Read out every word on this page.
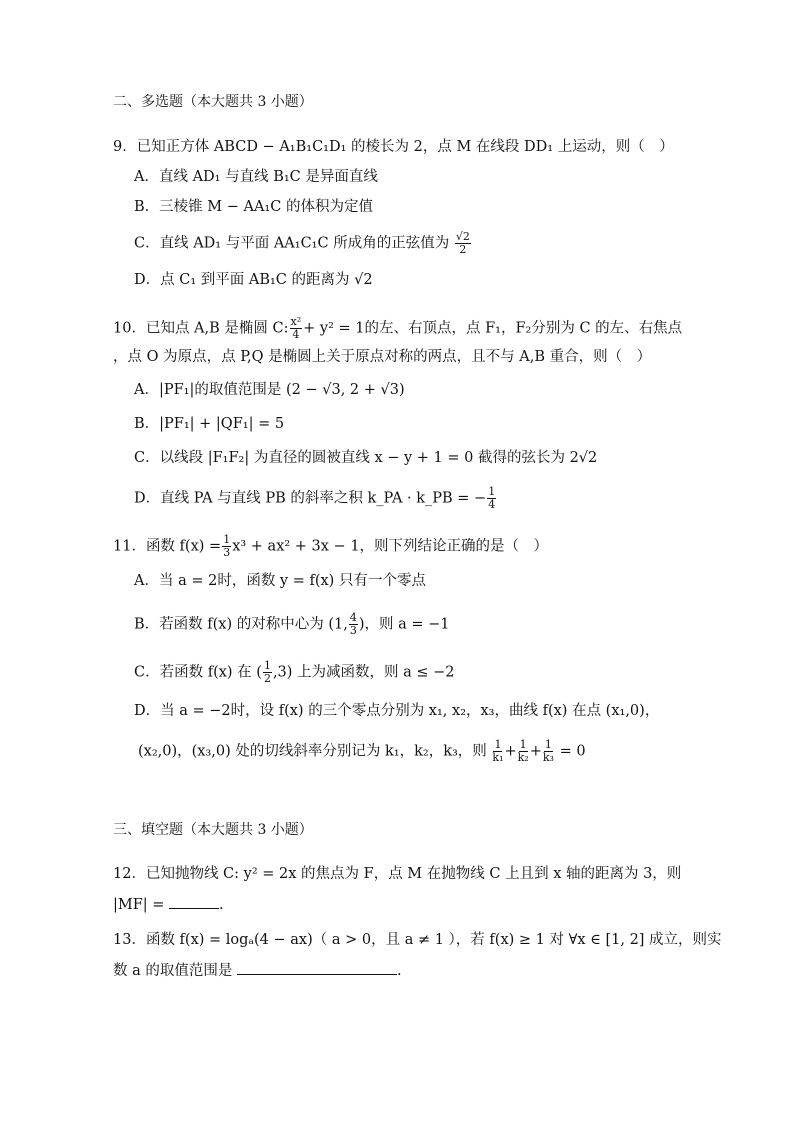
二、多选题（本大题共 3 小题）
9．已知正方体 ABCD − A₁B₁C₁D₁ 的棱长为 2，点 M 在线段 DD₁ 上运动，则（　）
A．直线 AD₁ 与直线 B₁C 是异面直线
B．三棱锥 M − AA₁C 的体积为定值
C．直线 AD₁ 与平面 AA₁C₁C 所成角的正弦值为 $\frac{√2}{2}$
D．点 C₁ 到平面 AB₁C 的距离为 √2
10．已知点 A,B 是椭圆 C: $\frac{\text{x²}}{4} + y^2 = 1$的左、右顶点，点 F₁，F₂分别为 C 的左、右焦点
，点 O 为原点，点 P,Q 是椭圆上关于原点对称的两点，且不与 A,B 重合，则（　）
A．|PF₁|的取值范围是 (2 − √3, 2 + √3)
B．|PF₁| + |QF₁| = 5
C．以线段 |F₁F₂| 为直径的圆被直线 x − y + 1 = 0 截得的弦长为 2√2
D．直线 PA 与直线 PB 的斜率之积 k_PA · k_PB = − $\frac{1}{4}$
11．函数 $f(x) = \frac{1}{3} x^3 + ax^2 + 3x - 1$，则下列结论正确的是（　）
A．当 a = 2时，函数 y = f(x) 只有一个零点
B．若函数 f(x) 的对称中心为 (1, $\frac{4}{3}$ )，则 a = −1
C．若函数 f(x) 在 ( $\frac{1}{2} ,3$) 上为减函数，则 a ≤ −2
D．当 a = −2时，设 f(x) 的三个零点分别为 x₁, x₂，x₃，曲线 f(x) 在点 (x₁,0)，
(x₂,0)，(x₃,0) 处的切线斜率分别记为 k₁，k₂，k₃，则 $\frac{1}{\text{k₁}} + \frac{1}{\text{k₂}} + \frac{1}{\text{k₃}} = 0$
三、填空题（本大题共 3 小题）
12．已知抛物线 C: y² = 2x 的焦点为 F，点 M 在抛物线 C 上且到 x 轴的距离为 3，则
|MF| =	.
13．函数 f(x) = logₐ(4 − ax)（ a > 0，且 a ≠ 1 ），若 f(x) ≥ 1 对 ∀x ∈ [1, 2] 成立，则实
数 a 的取值范围是	.
